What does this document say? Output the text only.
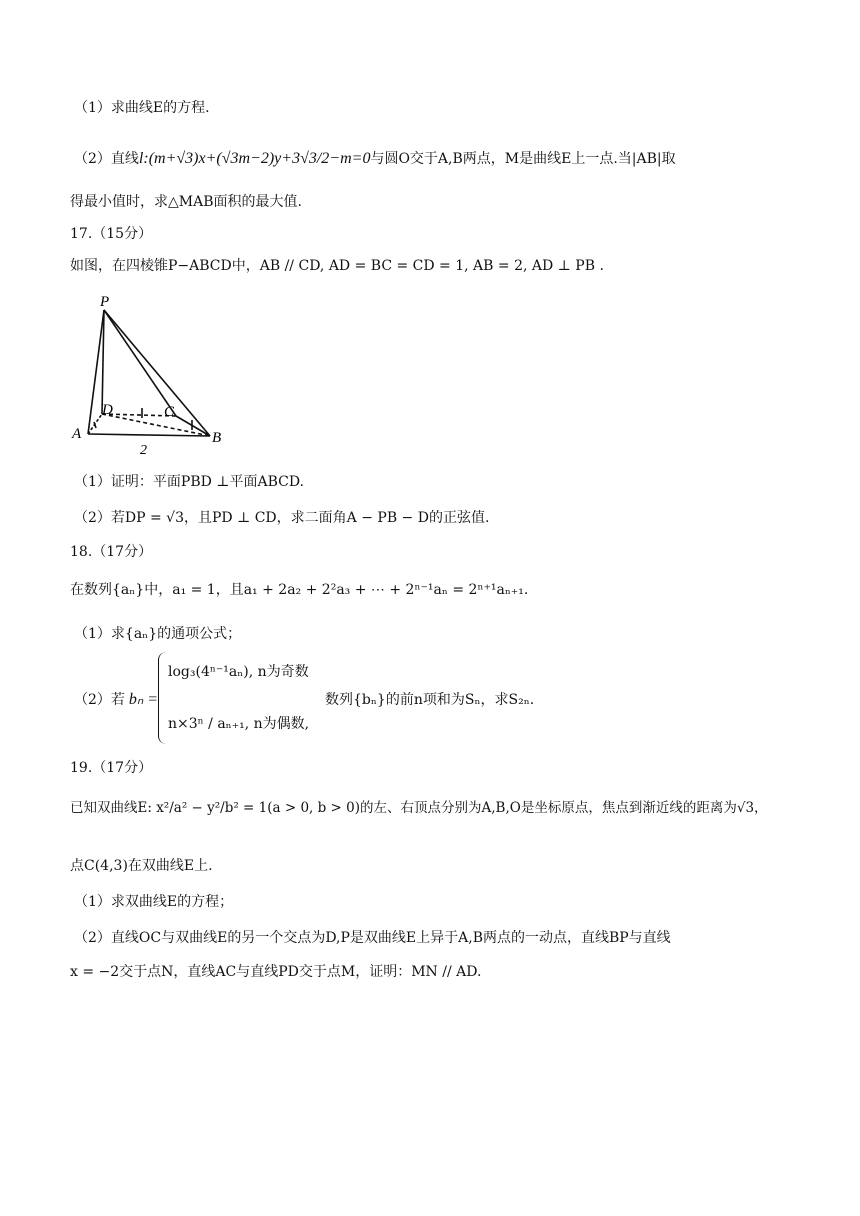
（1）求曲线E的方程.
（2）直线l:(m+√3)x+(√3m−2)y+3√3/2−m=0与圆O交于A,B两点，M是曲线E上一点.当|AB|取
得最小值时，求△MAB面积的最大值.
17.（15分）
如图，在四棱锥P−ABCD中，AB // CD, AD = BC = CD = 1, AB = 2, AD ⊥ PB .
P
A	B
C
D
2
（1）证明：平面PBD ⊥平面ABCD.
（2）若DP = √3，且PD ⊥ CD，求二面角A − PB − D的正弦值.
18.（17分）
在数列{aₙ}中，a₁ = 1，且a₁ + 2a₂ + 2²a₃ + ⋯ + 2ⁿ⁻¹aₙ = 2ⁿ⁺¹aₙ₊₁.
（1）求{aₙ}的通项公式；
（2）若 bₙ =
log₃(4ⁿ⁻¹aₙ), n为奇数
n×3ⁿ / aₙ₊₁, n为偶数,
数列{bₙ}的前n项和为Sₙ，求S₂ₙ.
19.（17分）
已知双曲线E: x²/a² − y²/b² = 1(a > 0, b > 0)的左、右顶点分别为A,B,O是坐标原点，焦点到渐近线的距离为√3，
点C(4,3)在双曲线E上.
（1）求双曲线E的方程；
（2）直线OC与双曲线E的另一个交点为D,P是双曲线E上异于A,B两点的一动点，直线BP与直线
x = −2交于点N，直线AC与直线PD交于点M，证明：MN // AD.
